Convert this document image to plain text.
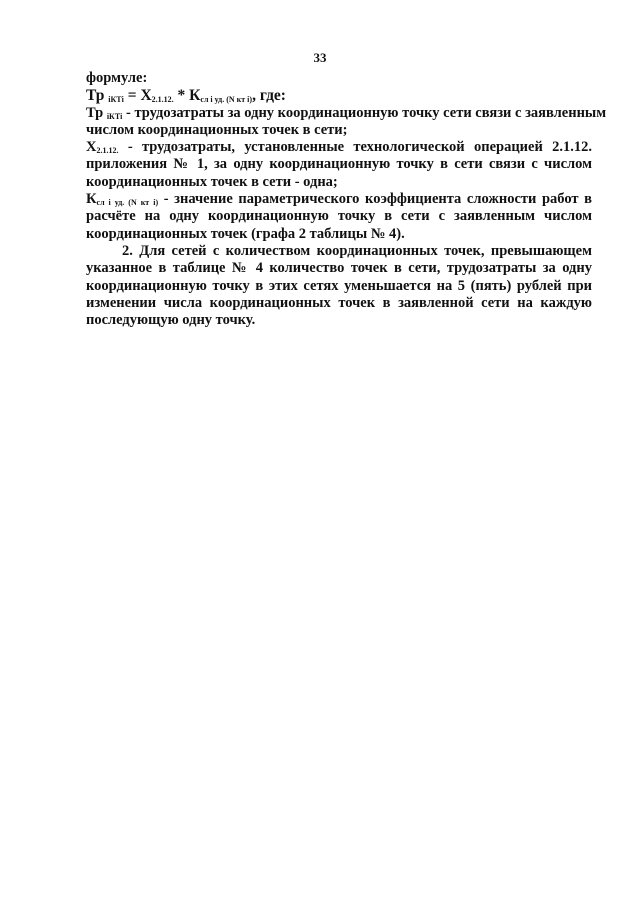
33
формуле:
Тр $_{iКТi} = X_{2.1.12.} * К_{сл i уд. (N кт i)}$, где:
Тр $_{iКТi}$ - трудозатраты за одну координационную точку сети связи с заявленным
числом координационных точек в сети;
$X_{2.1.12.}$ - трудозатраты, установленные технологической операцией 2.1.12.
приложения № 1, за одну координационную точку в сети связи с числом
координационных точек в сети - одна;
$К_{сл i уд. (N кт i)}$ - значение параметрического коэффициента сложности работ в
расчёте на одну координационную точку в сети с заявленным числом
координационных точек (графа 2 таблицы № 4).
2. Для сетей с количеством координационных точек, превышающем
указанное в таблице № 4 количество точек в сети, трудозатраты за одну
координационную точку в этих сетях уменьшается на 5 (пять) рублей при
изменении числа координационных точек в заявленной сети на каждую
последующую одну точку.
